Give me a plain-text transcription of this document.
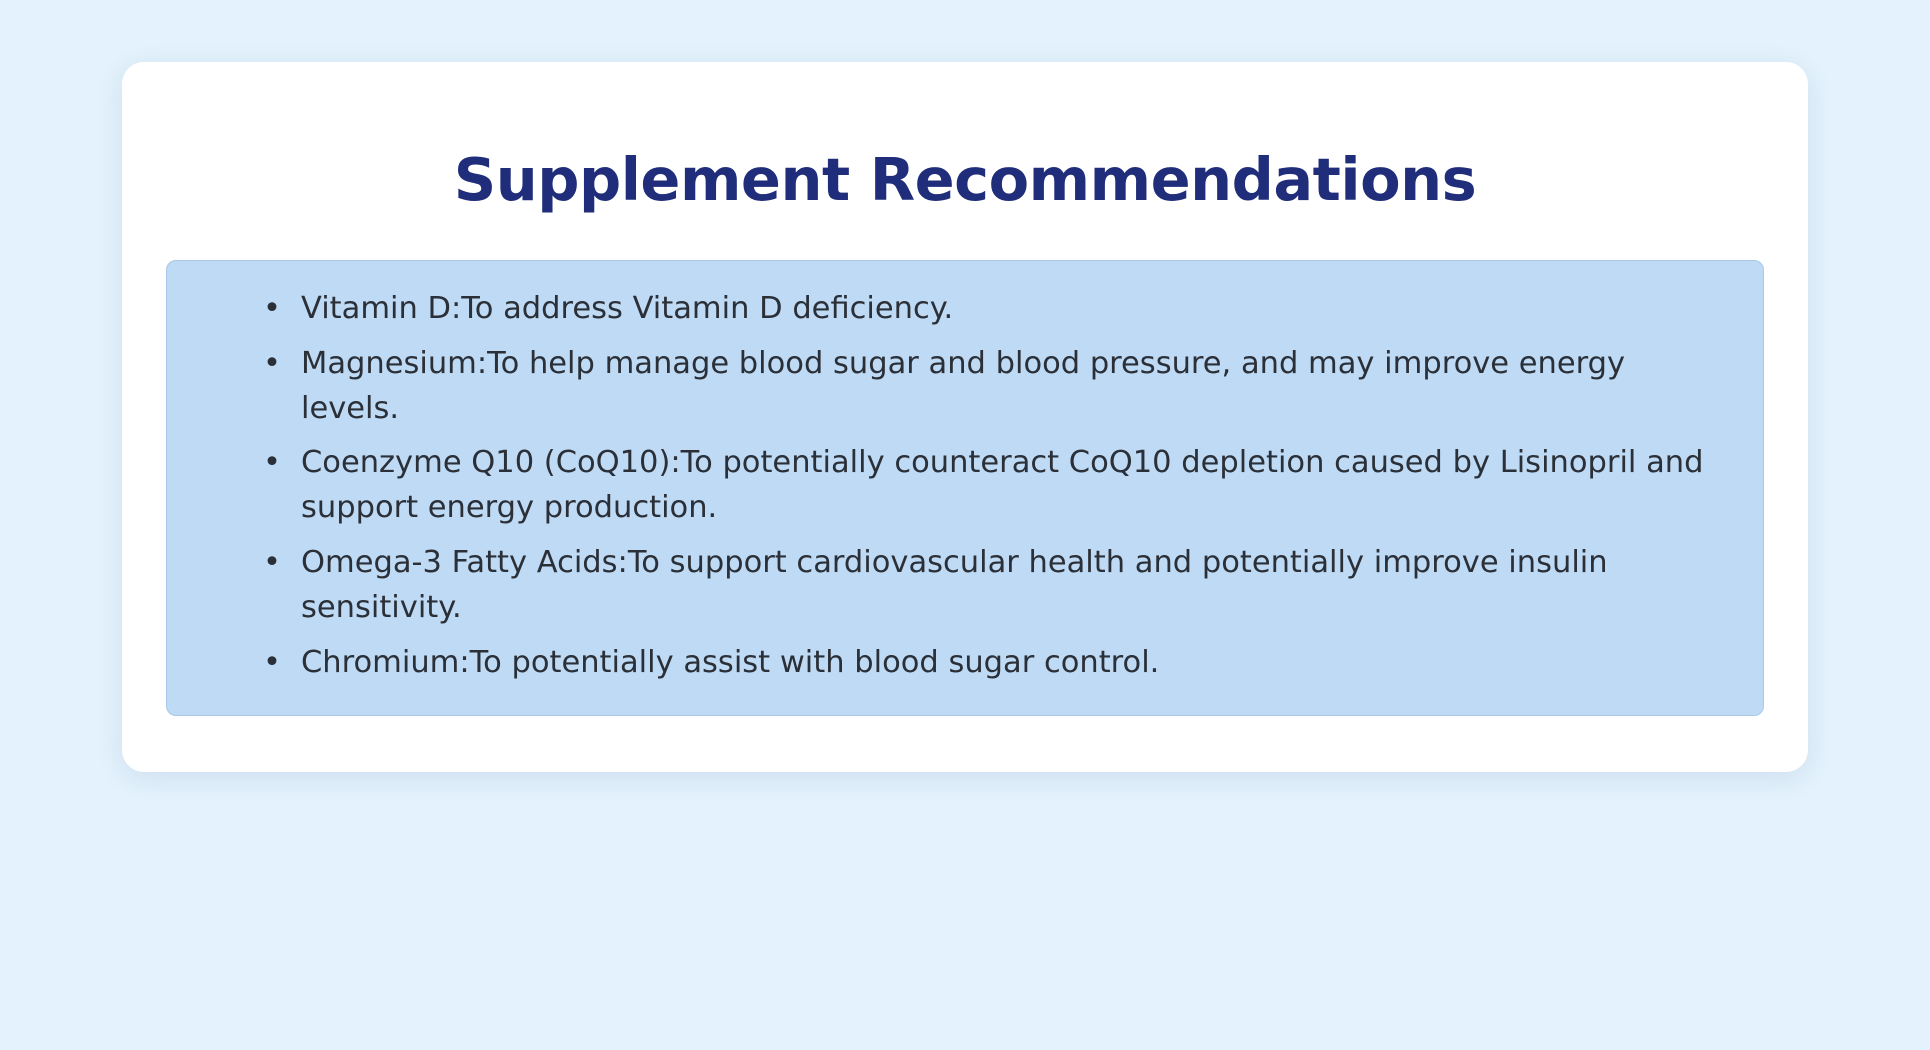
Supplement Recommendations
• Vitamin D:To address Vitamin D deficiency.
• Magnesium:To help manage blood sugar and blood pressure, and may improve energy levels.
• Coenzyme Q10 (CoQ10):To potentially counteract CoQ10 depletion caused by Lisinopril and support energy production.
• Omega-3 Fatty Acids:To support cardiovascular health and potentially improve insulin sensitivity.
• Chromium:To potentially assist with blood sugar control.
